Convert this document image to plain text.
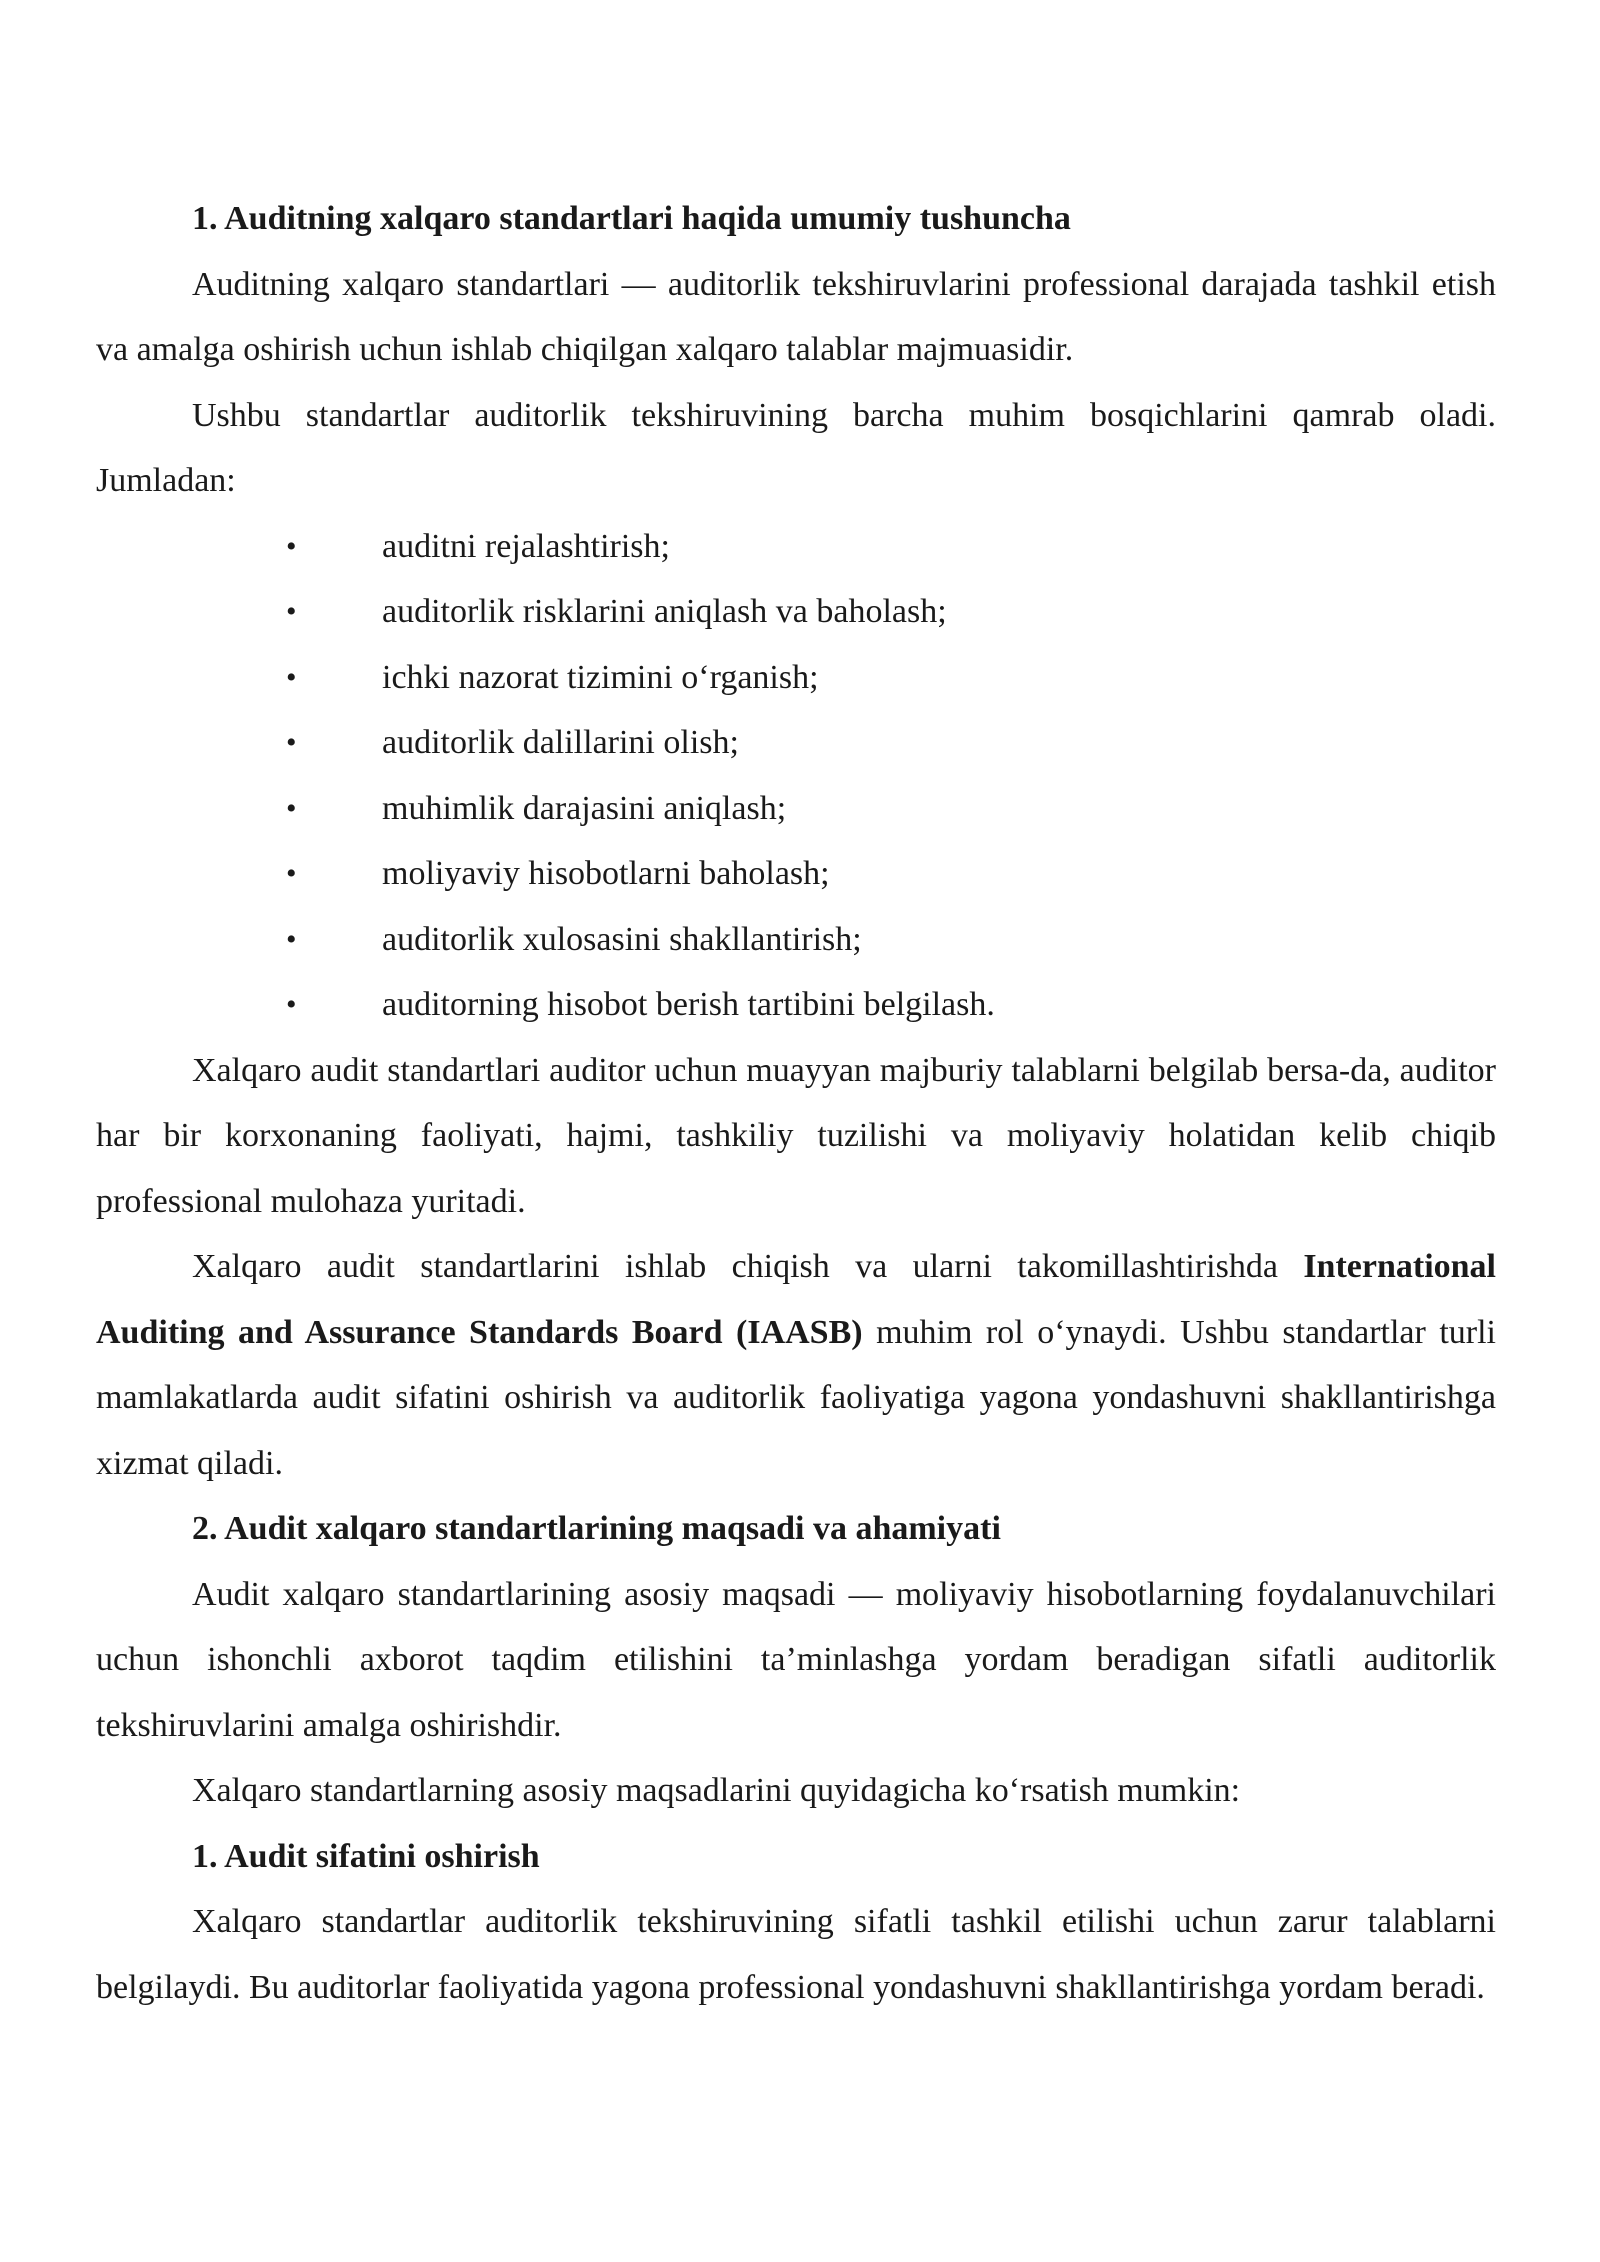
1. Auditning xalqaro standartlari haqida umumiy tushuncha

Auditning xalqaro standartlari — auditorlik tekshiruvlarini professional darajada tashkil etish va amalga oshirish uchun ishlab chiqilgan xalqaro talablar majmuasidir.

Ushbu standartlar auditorlik tekshiruvining barcha muhim bosqichlarini qamrab oladi. Jumladan:

•	auditni rejalashtirish;
•	auditorlik risklarini aniqlash va baholash;
•	ichki nazorat tizimini o‘rganish;
•	auditorlik dalillarini olish;
•	muhimlik darajasini aniqlash;
•	moliyaviy hisobotlarni baholash;
•	auditorlik xulosasini shakllantirish;
•	auditorning hisobot berish tartibini belgilash.

Xalqaro audit standartlari auditor uchun muayyan majburiy talablarni belgilab bersa-da, auditor har bir korxonaning faoliyati, hajmi, tashkiliy tuzilishi va moliyaviy holatidan kelib chiqib professional mulohaza yuritadi.

Xalqaro audit standartlarini ishlab chiqish va ularni takomillashtirishda International Auditing and Assurance Standards Board (IAASB) muhim rol o‘ynaydi. Ushbu standartlar turli mamlakatlarda audit sifatini oshirish va auditorlik faoliyatiga yagona yondashuvni shakllantirishga xizmat qiladi.

2. Audit xalqaro standartlarining maqsadi va ahamiyati

Audit xalqaro standartlarining asosiy maqsadi — moliyaviy hisobotlarning foydalanuvchilari uchun ishonchli axborot taqdim etilishini ta’minlashga yordam beradigan sifatli auditorlik tekshiruvlarini amalga oshirishdir.

Xalqaro standartlarning asosiy maqsadlarini quyidagicha ko‘rsatish mumkin:

1. Audit sifatini oshirish

Xalqaro standartlar auditorlik tekshiruvining sifatli tashkil etilishi uchun zarur talablarni belgilaydi. Bu auditorlar faoliyatida yagona professional yondashuvni shakllantirishga yordam beradi.
